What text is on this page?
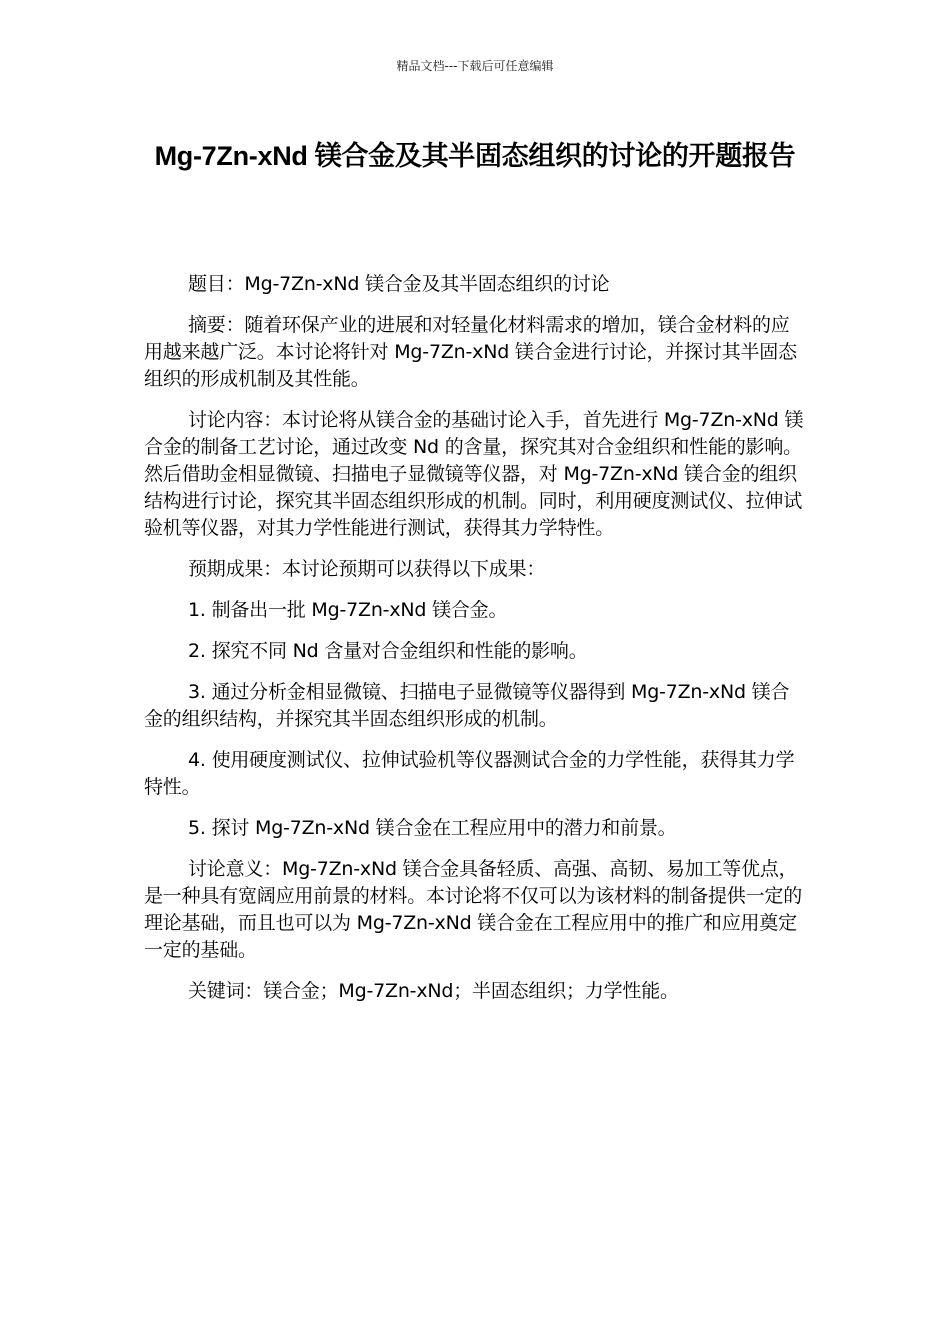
精品文档---下载后可任意编辑
Mg-7Zn-xNd 镁合金及其半固态组织的讨论的开题报告

题目：Mg-7Zn-xNd 镁合金及其半固态组织的讨论

摘要：随着环保产业的进展和对轻量化材料需求的增加，镁合金材料的应用越来越广泛。本讨论将针对 Mg-7Zn-xNd 镁合金进行讨论，并探讨其半固态组织的形成机制及其性能。

讨论内容：本讨论将从镁合金的基础讨论入手，首先进行 Mg-7Zn-xNd 镁合金的制备工艺讨论，通过改变 Nd 的含量，探究其对合金组织和性能的影响。然后借助金相显微镜、扫描电子显微镜等仪器，对 Mg-7Zn-xNd 镁合金的组织结构进行讨论，探究其半固态组织形成的机制。同时，利用硬度测试仪、拉伸试验机等仪器，对其力学性能进行测试，获得其力学特性。

预期成果：本讨论预期可以获得以下成果：

1. 制备出一批 Mg-7Zn-xNd 镁合金。

2. 探究不同 Nd 含量对合金组织和性能的影响。

3. 通过分析金相显微镜、扫描电子显微镜等仪器得到 Mg-7Zn-xNd 镁合金的组织结构，并探究其半固态组织形成的机制。

4. 使用硬度测试仪、拉伸试验机等仪器测试合金的力学性能，获得其力学特性。

5. 探讨 Mg-7Zn-xNd 镁合金在工程应用中的潜力和前景。

讨论意义：Mg-7Zn-xNd 镁合金具备轻质、高强、高韧、易加工等优点，是一种具有宽阔应用前景的材料。本讨论将不仅可以为该材料的制备提供一定的理论基础，而且也可以为 Mg-7Zn-xNd 镁合金在工程应用中的推广和应用奠定一定的基础。

关键词：镁合金；Mg-7Zn-xNd；半固态组织；力学性能。
